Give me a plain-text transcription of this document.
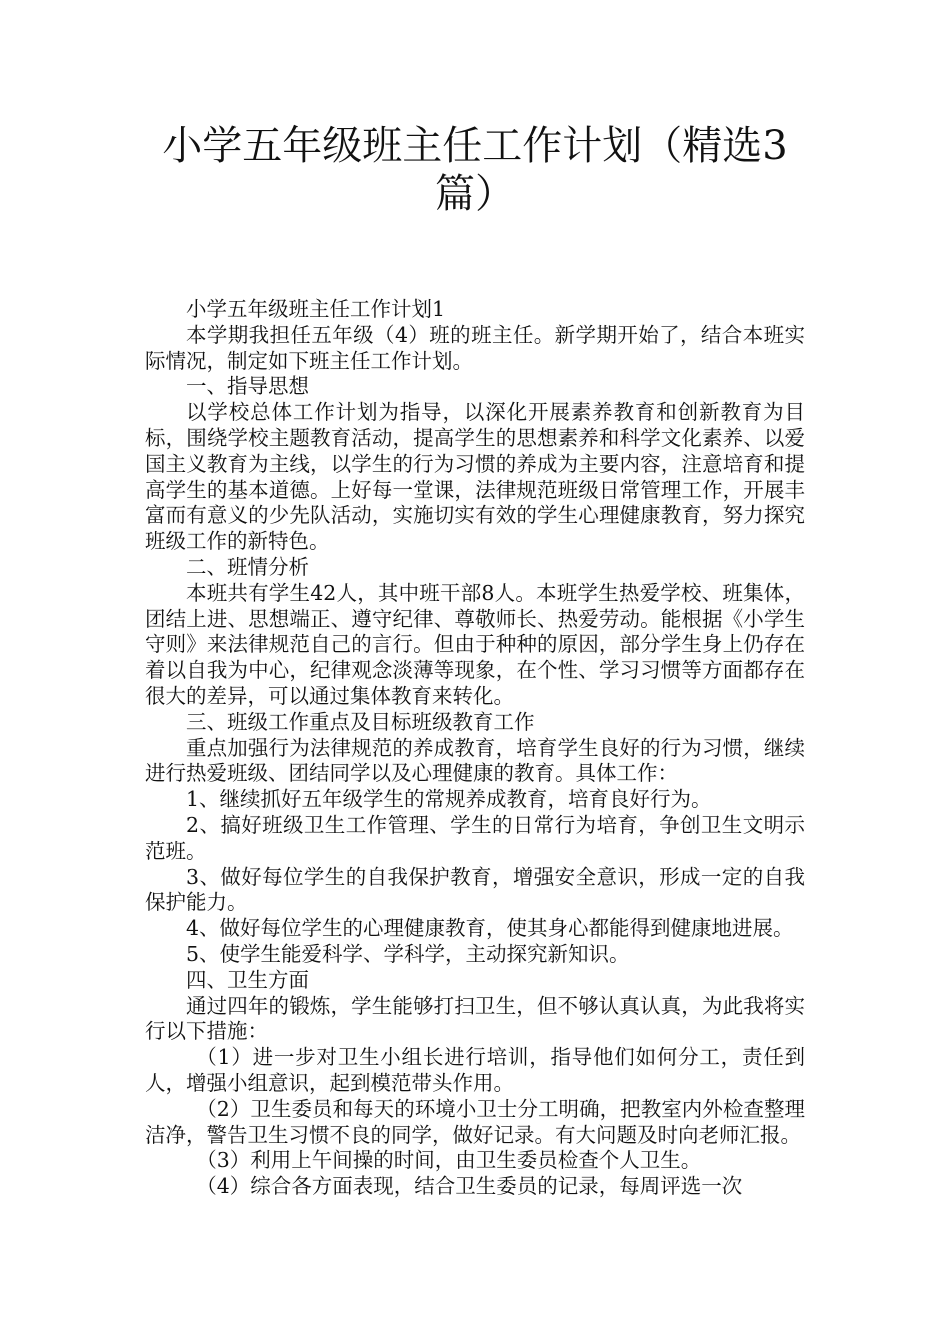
小学五年级班主任工作计划（精选3篇）

小学五年级班主任工作计划1

本学期我担任五年级（4）班的班主任。新学期开始了，结合本班实际情况，制定如下班主任工作计划。

一、指导思想

以学校总体工作计划为指导，以深化开展素养教育和创新教育为目标，围绕学校主题教育活动，提高学生的思想素养和科学文化素养、以爱国主义教育为主线，以学生的行为习惯的养成为主要内容，注意培育和提高学生的基本道德。上好每一堂课，法律规范班级日常管理工作，开展丰富而有意义的少先队活动，实施切实有效的学生心理健康教育，努力探究班级工作的新特色。

二、班情分析

本班共有学生42人，其中班干部8人。本班学生热爱学校、班集体，团结上进、思想端正、遵守纪律、尊敬师长、热爱劳动。能根据《小学生守则》来法律规范自己的言行。但由于种种的原因，部分学生身上仍存在着以自我为中心，纪律观念淡薄等现象，在个性、学习习惯等方面都存在很大的差异，可以通过集体教育来转化。

三、班级工作重点及目标班级教育工作

重点加强行为法律规范的养成教育，培育学生良好的行为习惯，继续进行热爱班级、团结同学以及心理健康的教育。具体工作：

1、继续抓好五年级学生的常规养成教育，培育良好行为。

2、搞好班级卫生工作管理、学生的日常行为培育，争创卫生文明示范班。

3、做好每位学生的自我保护教育，增强安全意识，形成一定的自我保护能力。

4、做好每位学生的心理健康教育，使其身心都能得到健康地进展。

5、使学生能爱科学、学科学，主动探究新知识。

四、卫生方面

通过四年的锻炼，学生能够打扫卫生，但不够认真认真，为此我将实行以下措施：

（1）进一步对卫生小组长进行培训，指导他们如何分工，责任到人，增强小组意识，起到模范带头作用。

（2）卫生委员和每天的环境小卫士分工明确，把教室内外检查整理洁净，警告卫生习惯不良的同学，做好记录。有大问题及时向老师汇报。

（3）利用上午间操的时间，由卫生委员检查个人卫生。

（4）综合各方面表现，结合卫生委员的记录，每周评选一次
